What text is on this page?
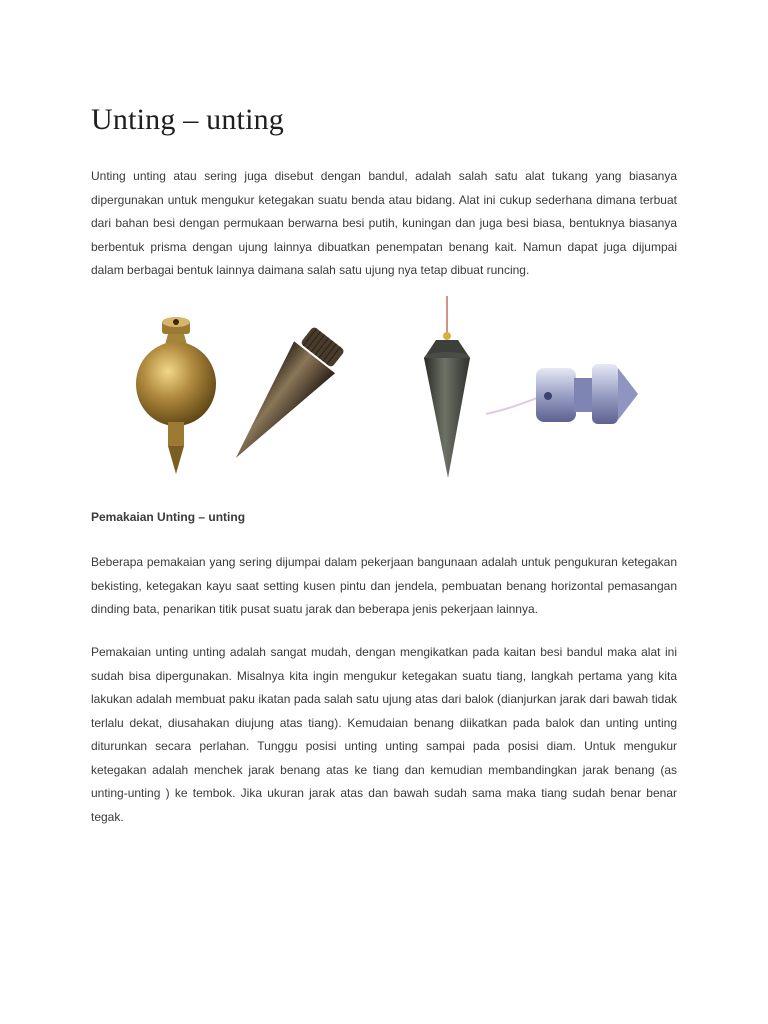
Unting – unting

Unting unting atau sering juga disebut dengan bandul, adalah salah satu alat tukang yang biasanya dipergunakan untuk mengukur ketegakan suatu benda atau bidang. Alat ini cukup sederhana dimana terbuat dari bahan besi dengan permukaan berwarna besi putih, kuningan dan juga besi biasa, bentuknya biasanya berbentuk prisma dengan ujung lainnya dibuatkan penempatan benang kait. Namun dapat juga dijumpai dalam berbagai bentuk lainnya daimana salah satu ujung nya tetap dibuat runcing.

Pemakaian Unting – unting

Beberapa pemakaian yang sering dijumpai dalam pekerjaan bangunaan adalah untuk pengukuran ketegakan bekisting, ketegakan kayu saat setting kusen pintu dan jendela, pembuatan benang horizontal pemasangan dinding bata, penarikan titik pusat suatu jarak dan beberapa jenis pekerjaan lainnya.

Pemakaian unting unting adalah sangat mudah, dengan mengikatkan pada kaitan besi bandul maka alat ini sudah bisa dipergunakan. Misalnya kita ingin mengukur ketegakan suatu tiang, langkah pertama yang kita lakukan adalah membuat paku ikatan pada salah satu ujung atas dari balok (dianjurkan jarak dari bawah tidak terlalu dekat, diusahakan diujung atas tiang). Kemudaian benang diikatkan pada balok dan unting unting diturunkan secara perlahan. Tunggu posisi unting unting sampai pada posisi diam. Untuk mengukur ketegakan adalah menchek jarak benang atas ke tiang dan kemudian membandingkan jarak benang (as unting-unting ) ke tembok. Jika ukuran jarak atas dan bawah sudah sama maka tiang sudah benar benar tegak.
